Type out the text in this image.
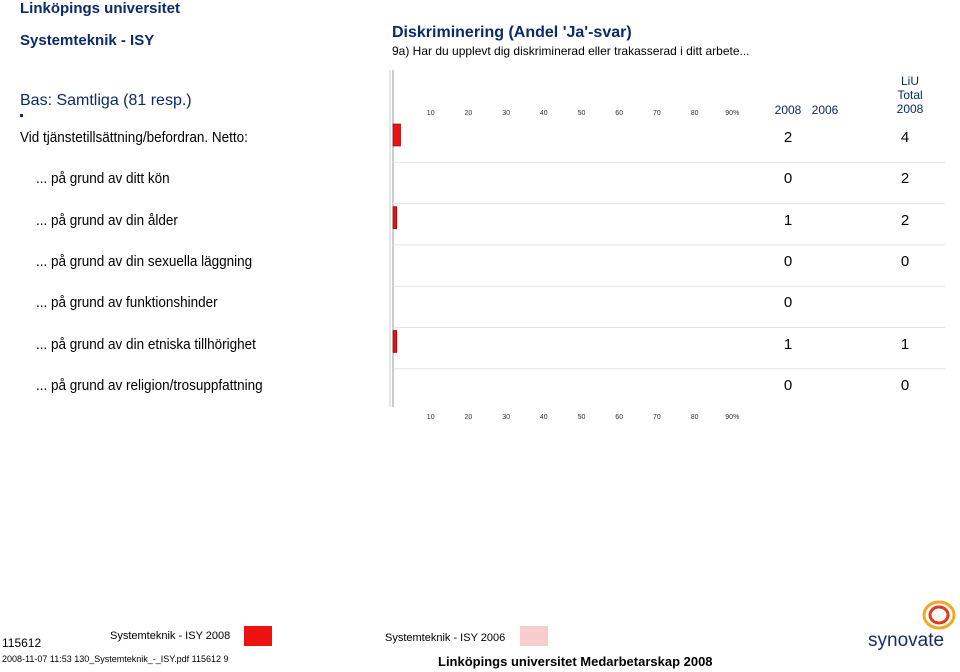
Linköpings universitet
Systemteknik - ISY
Bas: Samtliga (81 resp.)
Diskriminering (Andel 'Ja'-svar)
9a) Har du upplevt dig diskriminerad eller trakasserad i ditt arbete...
10
10
20
20
30
30
40
40
50
50
60
60
70
70
80
80
90%
90%
2008 2006
LiU
Total
2008
Vid tjänstetillsättning/befordran. Netto:	2	4
... på grund av ditt kön	0	2
... på grund av din ålder	1	2
... på grund av din sexuella läggning	0	0
... på grund av funktionshinder	0
... på grund av din etniska tillhörighet	1	1
... på grund av religion/trosuppfattning	0	0
115612
2008-11-07 11:53 130_Systemteknik_-_ISY.pdf 115612 9
Systemteknik - ISY 2008	Systemteknik - ISY 2006
Linköpings universitet Medarbetarskap 2008
synovate
